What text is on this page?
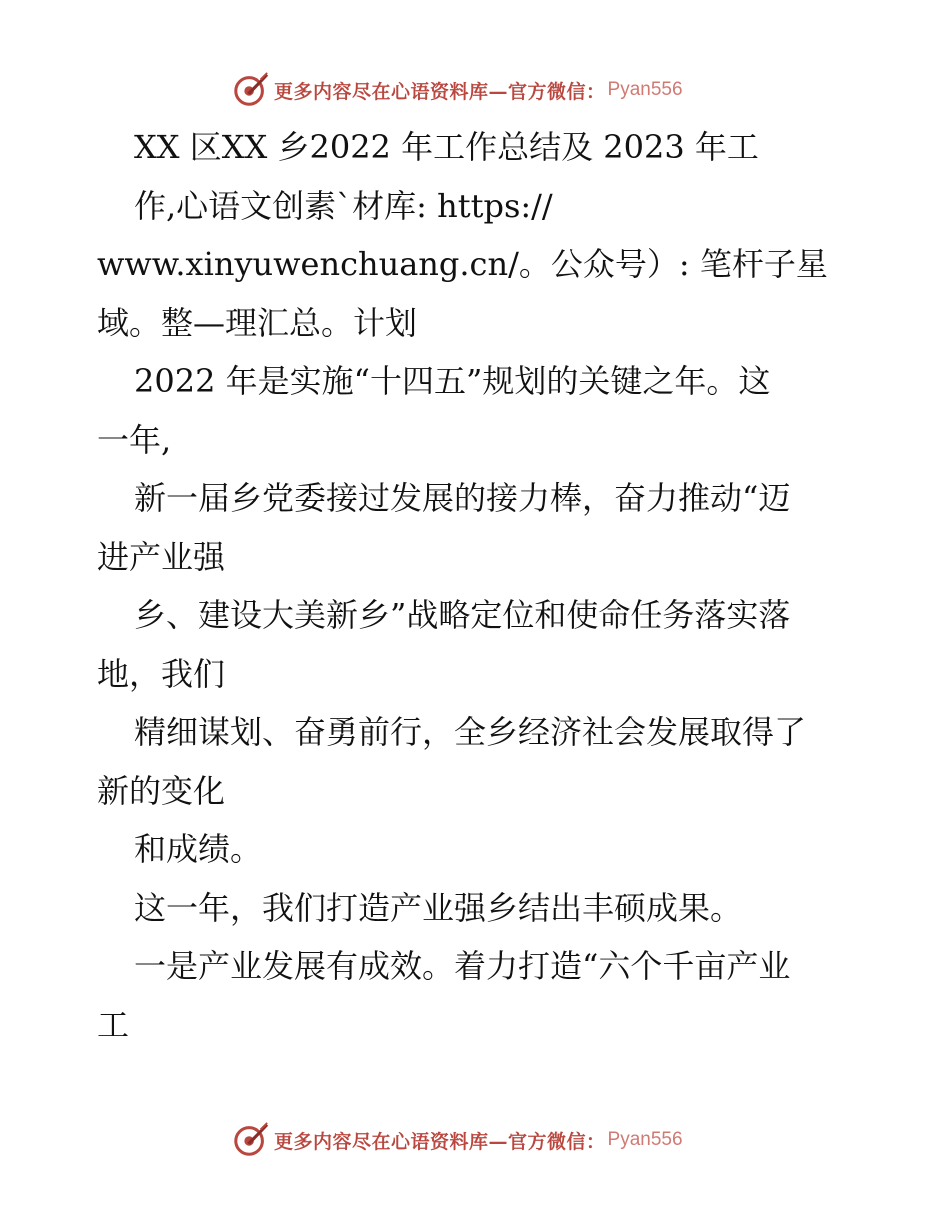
更多内容尽在心语资料库—官方微信： Pyan556
XX 区XX 乡2022 年工作总结及 2023 年工
作,心语文创素`材库: https://
www.xinyuwenchuang.cn/。公众号）: 笔杆子星
域。整—理汇总。计划
2022 年是实施“十四五”规划的关键之年。这
一年,
新一届乡党委接过发展的接力棒，奋力推动“迈
进产业强
乡、建设大美新乡”战略定位和使命任务落实落
地，我们
精细谋划、奋勇前行，全乡经济社会发展取得了
新的变化
和成绩。
这一年，我们打造产业强乡结出丰硕成果。
一是产业发展有成效。着力打造“六个千亩产业
工
更多内容尽在心语资料库—官方微信： Pyan556
